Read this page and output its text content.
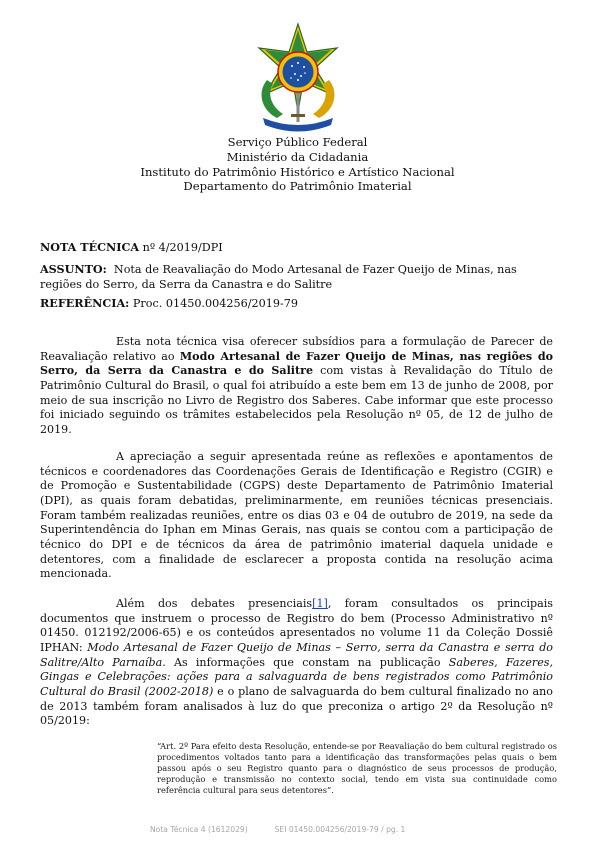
Serviço Público Federal
Ministério da Cidadania
Instituto do Patrimônio Histórico e Artístico Nacional
Departamento do Patrimônio Imaterial
NOTA TÉCNICA nº 4/2019/DPI
ASSUNTO: Nota de Reavaliação do Modo Artesanal de Fazer Queijo de Minas, nas regiões do Serro, da Serra da Canastra e do Salitre
REFERÊNCIA: Proc. 01450.004256/2019-79
Esta nota técnica visa oferecer subsídios para a formulação de Parecer de Reavaliação relativo ao Modo Artesanal de Fazer Queijo de Minas, nas regiões do Serro, da Serra da Canastra e do Salitre com vistas à Revalidação do Título de Patrimônio Cultural do Brasil, o qual foi atribuído a este bem em 13 de junho de 2008, por meio de sua inscrição no Livro de Registro dos Saberes. Cabe informar que este processo foi iniciado seguindo os trâmites estabelecidos pela Resolução nº 05, de 12 de julho de 2019.
A apreciação a seguir apresentada reúne as reflexões e apontamentos de técnicos e coordenadores das Coordenações Gerais de Identificação e Registro (CGIR) e de Promoção e Sustentabilidade (CGPS) deste Departamento de Patrimônio Imaterial (DPI), as quais foram debatidas, preliminarmente, em reuniões técnicas presenciais. Foram também realizadas reuniões, entre os dias 03 e 04 de outubro de 2019, na sede da Superintendência do Iphan em Minas Gerais, nas quais se contou com a participação de técnico do DPI e de técnicos da área de patrimônio imaterial daquela unidade e detentores, com a finalidade de esclarecer a proposta contida na resolução acima mencionada.
Além dos debates presenciais[1], foram consultados os principais documentos que instruem o processo de Registro do bem (Processo Administrativo nº 01450. 012192/2006-65) e os conteúdos apresentados no volume 11 da Coleção Dossiê IPHAN: Modo Artesanal de Fazer Queijo de Minas – Serro, serra da Canastra e serra do Salitre/Alto Parnaíba. As informações que constam na publicação Saberes, Fazeres, Gingas e Celebrações: ações para a salvaguarda de bens registrados como Patrimônio Cultural do Brasil (2002-2018) e o plano de salvaguarda do bem cultural finalizado no ano de 2013 também foram analisados à luz do que preconiza o artigo 2º da Resolução nº 05/2019:
“Art. 2º Para efeito desta Resolução, entende-se por Reavaliação do bem cultural registrado os procedimentos voltados tanto para a identificação das transformações pelas quais o bem passou após o seu Registro quanto para o diagnóstico de seus processos de produção, reprodução e transmissão no contexto social, tendo em vista sua continuidade como referência cultural para seus detentores”.
Nota Técnica 4 (1612029)	SEI 01450.004256/2019-79 / pg. 1
